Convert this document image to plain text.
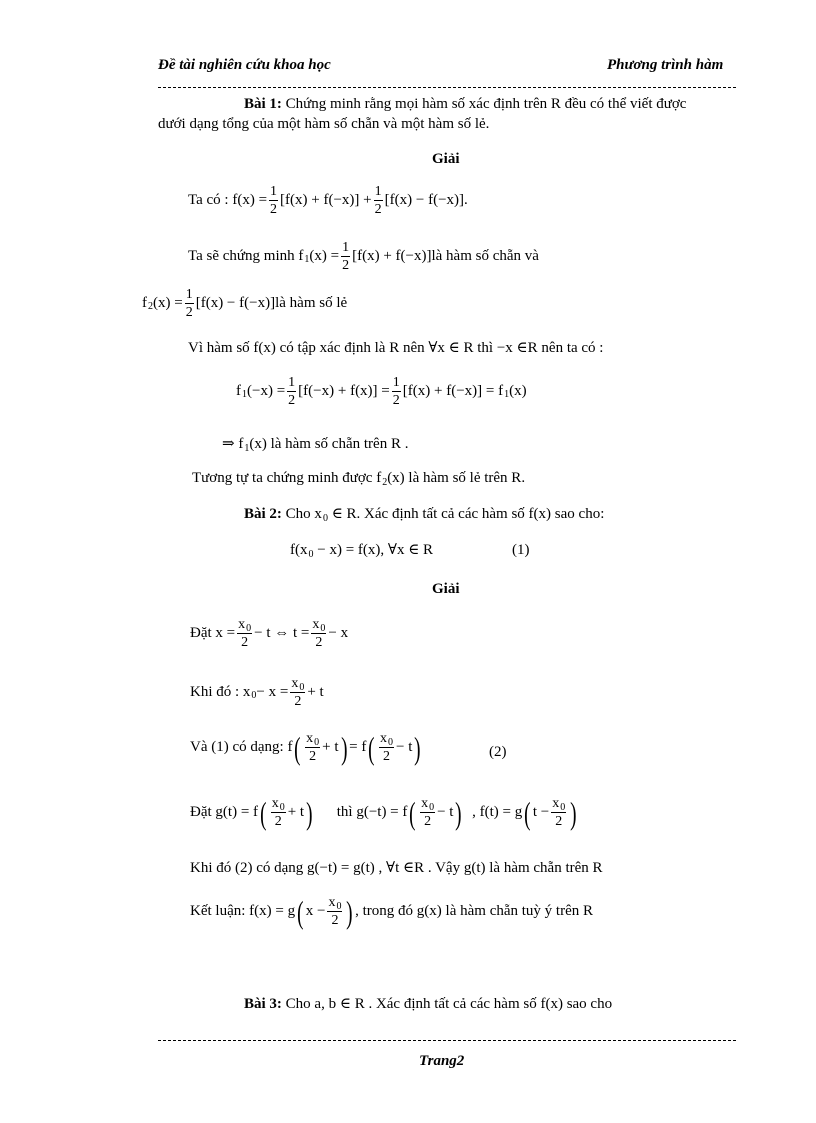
Đề tài nghiên cứu khoa học	Phương trình hàm
Bài 1: Chứng minh rằng mọi hàm số xác định trên R đều có thể viết được
dưới dạng tổng của một hàm số chẵn và một hàm số lẻ.
Giải
Ta có : $f(x) = \frac{1}{2} [f(x) + f(-x)] + \frac{1}{2} [f(x) - f(-x)]$.
Ta sẽ chứng minh f 1 $(x) = \frac{1}{2} [f(x) + f(-x)]$ là hàm số chẵn và
f 2 $(x) = \frac{1}{2} [f(x) - f(-x)]$ là hàm số lẻ
Vì hàm số f(x) có tập xác định là R nên ∀x ∈ R thì −x ∈R nên ta có :
f 1 $(-x) = \frac{1}{2} [f(-x) + f(x)] = \frac{1}{2} [f(x) + f(-x)] = f$ 1 (x)
⇒ $f_1(x)$ là hàm số chẵn trên R .
Tương tự ta chứng minh được $f_2(x)$ là hàm số lẻ trên R.
Bài 2: Cho $x_0$ ∈ R. Xác định tất cả các hàm số f(x) sao cho:
$f(x_0 - x) = f(x)$, ∀x ∈ R	(1)
Giải
Đặt $x = \frac{x_0}{2} - t$ ⇔ $t = \frac{x_0}{2} - x$
Khi đó : x $0 - x = \frac{x_0}{2} + t$
Và (1) có dạng: f ( $\frac{x_0}{2} + t$ ) = f ( $\frac{x_0}{2} - t$ )	(2)
Đặt g(t) = f ( $\frac{x_0}{2} + t$ ) thì g(−t) = f ( $\frac{x_0}{2} - t$ ) , f(t) = g ( $t - \frac{x_0}{2}$ )
Khi đó (2) có dạng g(−t) = g(t) , ∀t ∈R . Vậy g(t) là hàm chẵn trên R
Kết luận: f(x) = g ( $x - \frac{x_0}{2}$ ) , trong đó g(x) là hàm chẵn tuỳ ý trên R
Bài 3: Cho a, b ∈ R . Xác định tất cả các hàm số f(x) sao cho
Trang2
